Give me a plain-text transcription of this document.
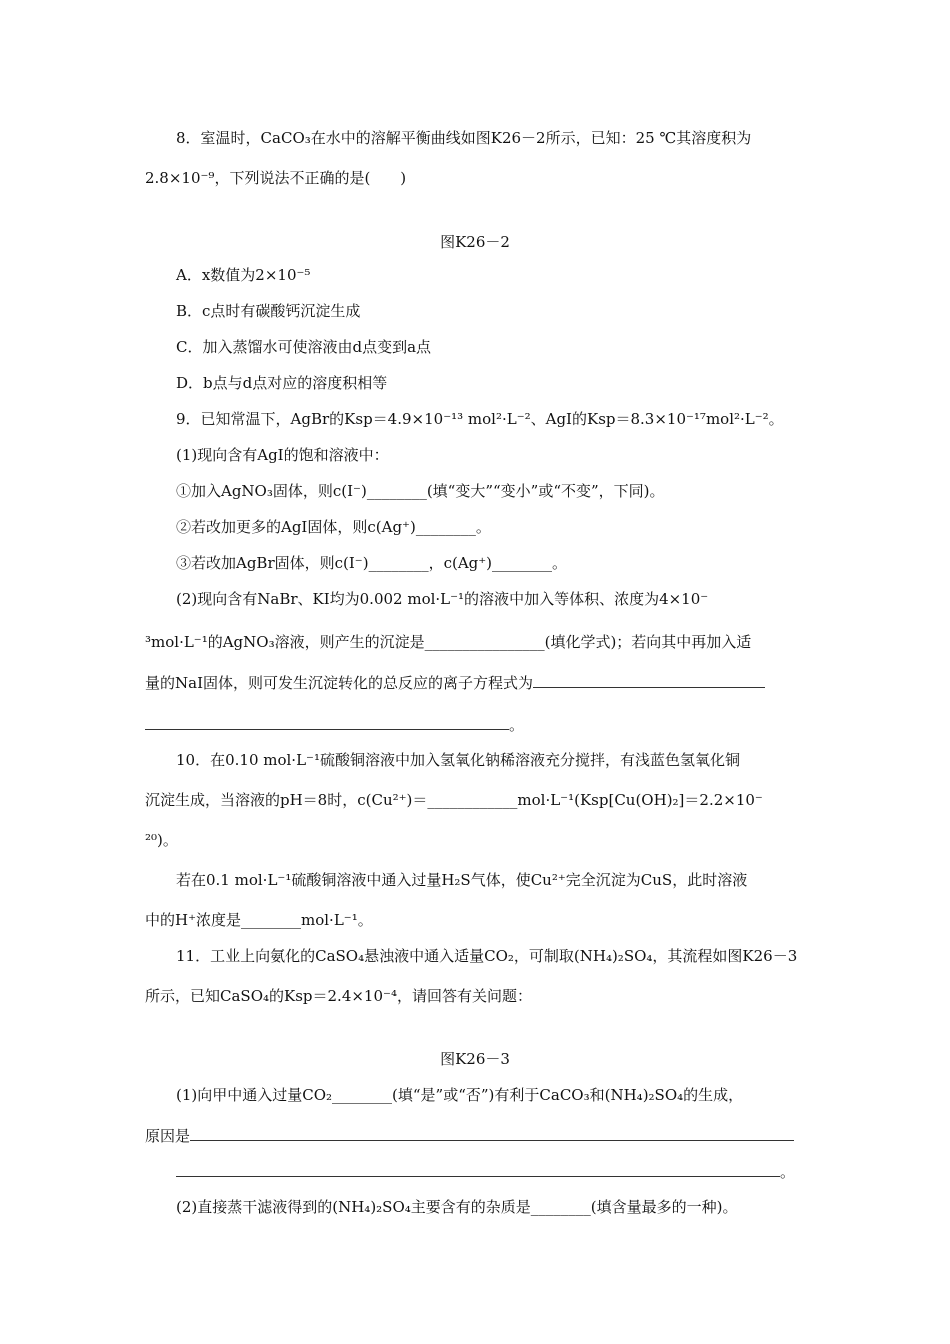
8．室温时，CaCO₃在水中的溶解平衡曲线如图K26－2所示，已知：25 ℃其溶度积为
2.8×10⁻⁹，下列说法不正确的是(　　)
图K26－2
A．x数值为2×10⁻⁵
B．c点时有碳酸钙沉淀生成
C．加入蒸馏水可使溶液由d点变到a点
D．b点与d点对应的溶度积相等
9．已知常温下，AgBr的Ksp＝4.9×10⁻¹³ mol²·L⁻²、AgI的Ksp＝8.3×10⁻¹⁷mol²·L⁻²。
(1)现向含有AgI的饱和溶液中：
①加入AgNO₃固体，则c(I⁻)________(填“变大”“变小”或“不变”，下同)。
②若改加更多的AgI固体，则c(Ag⁺)________。
③若改加AgBr固体，则c(I⁻)________，c(Ag⁺)________。
(2)现向含有NaBr、KI均为0.002 mol·L⁻¹的溶液中加入等体积、浓度为4×10⁻
³mol·L⁻¹的AgNO₃溶液，则产生的沉淀是________________(填化学式)；若向其中再加入适
量的NaI固体，则可发生沉淀转化的总反应的离子方程式为
。
10．在0.10 mol·L⁻¹硫酸铜溶液中加入氢氧化钠稀溶液充分搅拌，有浅蓝色氢氧化铜
沉淀生成，当溶液的pH＝8时，c(Cu²⁺)＝____________mol·L⁻¹(Ksp[Cu(OH)₂]＝2.2×10⁻
²⁰)。
若在0.1 mol·L⁻¹硫酸铜溶液中通入过量H₂S气体，使Cu²⁺完全沉淀为CuS，此时溶液
中的H⁺浓度是________mol·L⁻¹。
11．工业上向氨化的CaSO₄悬浊液中通入适量CO₂，可制取(NH₄)₂SO₄，其流程如图K26－3
所示，已知CaSO₄的Ksp＝2.4×10⁻⁴，请回答有关问题：
图K26－3
(1)向甲中通入过量CO₂________(填“是”或“否”)有利于CaCO₃和(NH₄)₂SO₄的生成，
原因是
。
(2)直接蒸干滤液得到的(NH₄)₂SO₄主要含有的杂质是________(填含量最多的一种)。
